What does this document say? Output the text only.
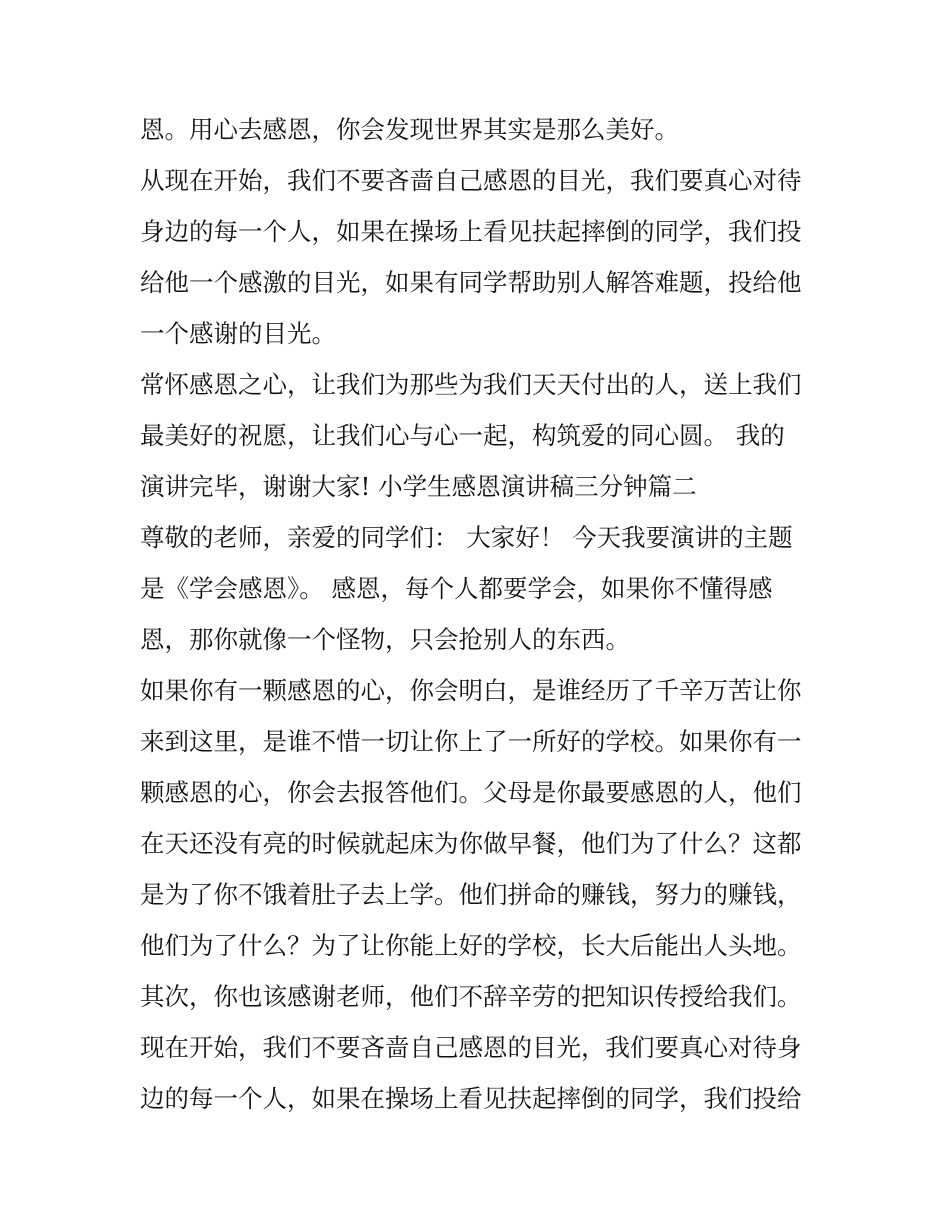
恩。用心去感恩，你会发现世界其实是那么美好。
从现在开始，我们不要吝啬自己感恩的目光，我们要真心对待
身边的每一个人，如果在操场上看见扶起摔倒的同学，我们投
给他一个感激的目光，如果有同学帮助别人解答难题，投给他
一个感谢的目光。
常怀感恩之心，让我们为那些为我们天天付出的人，送上我们
最美好的祝愿，让我们心与心一起，构筑爱的同心圆。 我的
演讲完毕，谢谢大家! 小学生感恩演讲稿三分钟篇二
尊敬的老师，亲爱的同学们： 大家好！ 今天我要演讲的主题
是《学会感恩》。 感恩，每个人都要学会，如果你不懂得感
恩，那你就像一个怪物，只会抢别人的东西。
如果你有一颗感恩的心，你会明白，是谁经历了千辛万苦让你
来到这里，是谁不惜一切让你上了一所好的学校。如果你有一
颗感恩的心，你会去报答他们。父母是你最要感恩的人，他们
在天还没有亮的时候就起床为你做早餐，他们为了什么？这都
是为了你不饿着肚子去上学。他们拼命的赚钱，努力的赚钱，
他们为了什么？为了让你能上好的学校，长大后能出人头地。
其次，你也该感谢老师，他们不辞辛劳的把知识传授给我们。
现在开始，我们不要吝啬自己感恩的目光，我们要真心对待身
边的每一个人，如果在操场上看见扶起摔倒的同学，我们投给
